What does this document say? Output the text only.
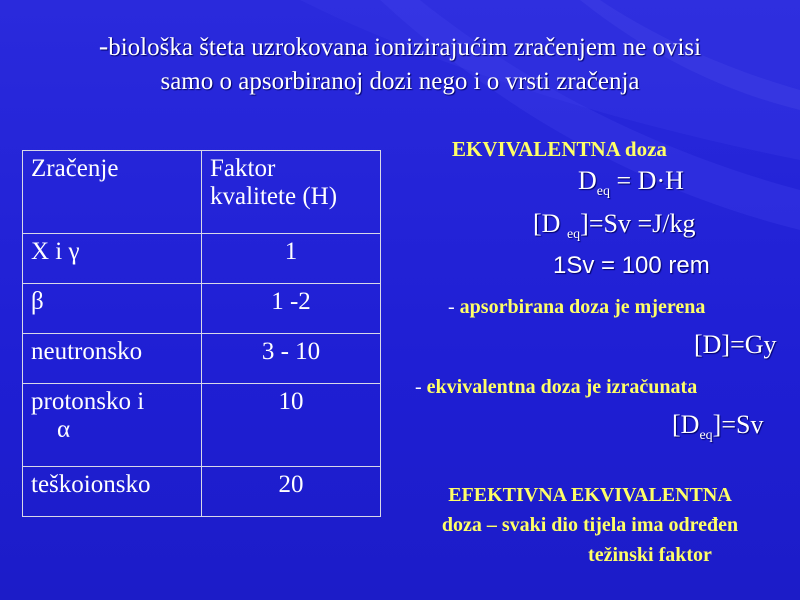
-biološka šteta uzrokovana ionizirajućim zračenjem ne ovisi
samo o apsorbiranoj dozi nego i o vrsti zračenja
Zračenje	Faktor
kvalitete (H)
X i γ	1
β	1 -2
neutronsko	3 - 10
protonsko i
α	10
teškoionsko	20
EKVIVALENTNA doza
$D_{eq} = D\cdot H$
[D $_{eq}$]=Sv =J/kg
1Sv = 100 rem
- apsorbirana doza je mjerena
[D]=Gy
- ekvivalentna doza je izračunata
$[D_{eq}]=Sv$
EFEKTIVNA EKVIVALENTNA
doza – svaki dio tijela ima određen
težinski faktor
